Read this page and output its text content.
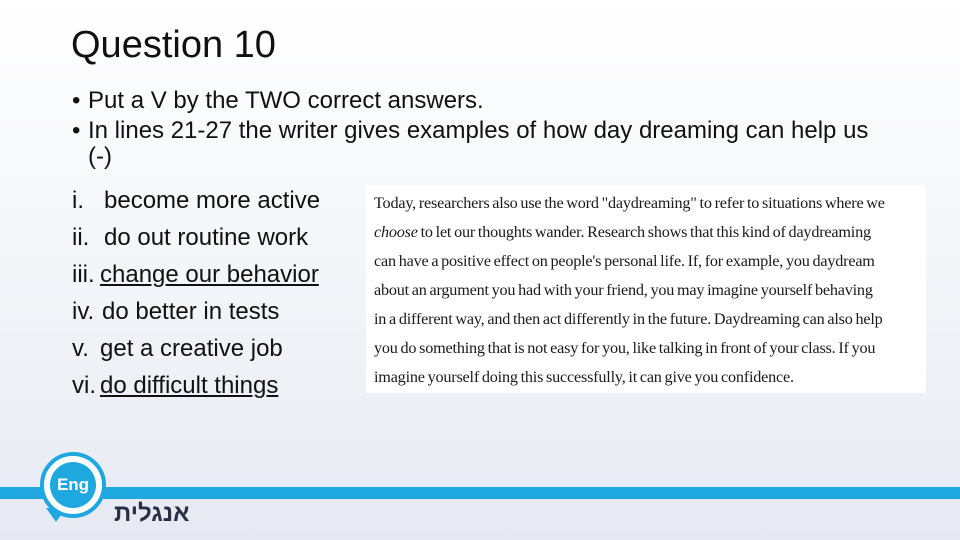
Question 10
• Put a V by the TWO correct answers.
• In lines 21-27 the writer gives examples of how day dreaming can help us (-)
i. become more active
ii. do out routine work
iii. change our behavior
iv. do better in tests
v. get a creative job
vi. do difficult things
Today, researchers also use the word "daydreaming" to refer to situations where we
choose to let our thoughts wander. Research shows that this kind of daydreaming
can have a positive effect on people's personal life. If, for example, you daydream
about an argument you had with your friend, you may imagine yourself behaving
in a different way, and then act differently in the future. Daydreaming can also help
you do something that is not easy for you, like talking in front of your class. If you
imagine yourself doing this successfully, it can give you confidence.
Eng
אנגלית
